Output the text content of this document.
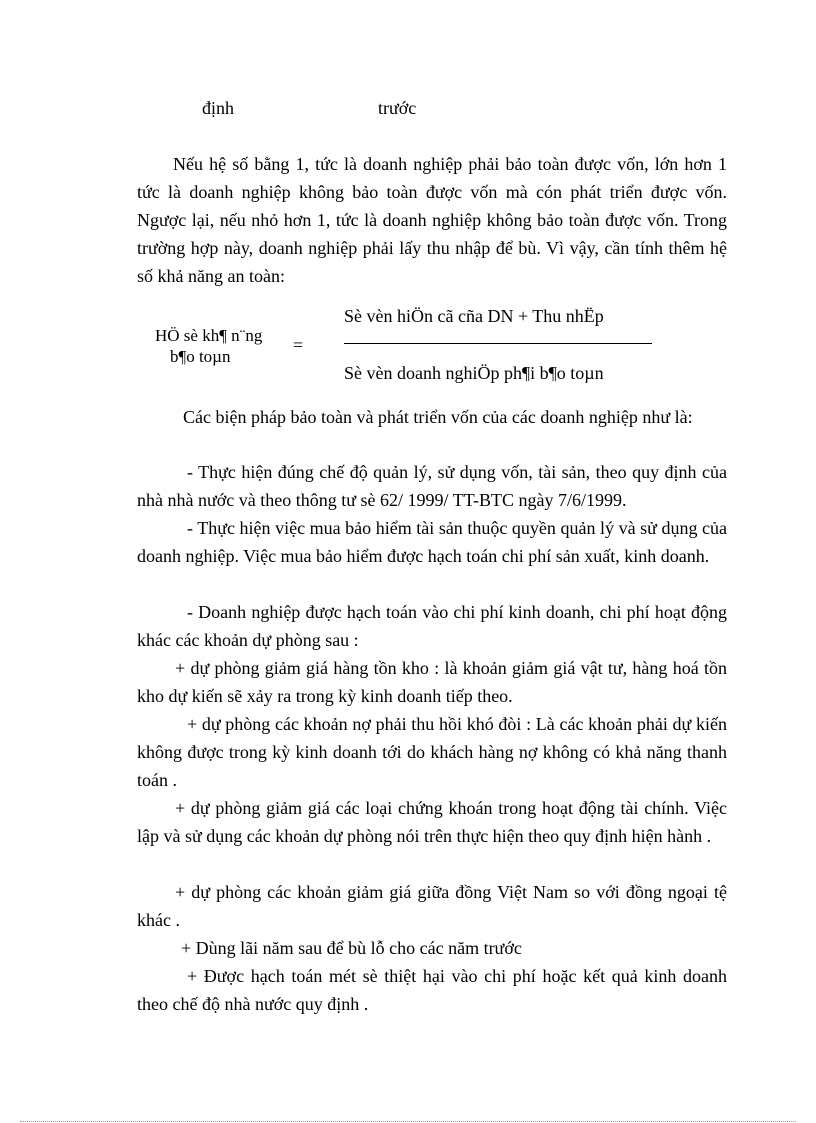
định	trước
Nếu hệ số bằng 1, tức là doanh nghiệp phải bảo toàn được vốn, lớn hơn 1 tức là doanh nghiệp không bảo toàn được vốn mà cón phát triển được vốn. Ngược lại, nếu nhỏ hơn 1, tức là doanh nghiệp không bảo toàn được vốn. Trong trường hợp này, doanh nghiệp phải lấy thu nhập để bù. Vì vậy, cần tính thêm hệ số khả năng an toàn:
HÖ sè kh¶ n¨ng
b¶o toµn
=
Sè vèn hiÖn cã cña DN + Thu nhËp
Sè vèn doanh nghiÖp ph¶i b¶o toµn
Các biện pháp bảo toàn và phát triển vốn của các doanh nghiệp như là:
- Thực hiện đúng chế độ quản lý, sử dụng vốn, tài sản, theo quy định của nhà nhà nước và theo thông tư sè 62/ 1999/ TT-BTC ngày 7/6/1999.
- Thực hiện việc mua bảo hiểm tài sản thuộc quyền quản lý và sử dụng của doanh nghiệp. Việc mua bảo hiểm được hạch toán chi phí sản xuất, kinh doanh.
- Doanh nghiệp được hạch toán vào chi phí kinh doanh, chi phí hoạt động khác các khoản dự phòng sau :
+ dự phòng giảm giá hàng tồn kho : là khoản giảm giá vật tư, hàng hoá tồn kho dự kiến sẽ xảy ra trong kỳ kinh doanh tiếp theo.
+ dự phòng các khoản nợ phải thu hồi khó đòi : Là các khoản phải dự kiến không được trong kỳ kinh doanh tới do khách hàng nợ không có khả năng thanh toán .
+ dự phòng giảm giá các loại chứng khoán trong hoạt động tài chính. Việc lập và sử dụng các khoản dự phòng nói trên thực hiện theo quy định hiện hành .
+ dự phòng các khoản giảm giá giữa đồng Việt Nam so với đồng ngoại tệ khác .
+ Dùng lãi năm sau để bù lỗ cho các năm trước
+ Được hạch toán mét sè thiệt hại vào chi phí hoặc kết quả kinh doanh theo chế độ nhà nước quy định .
